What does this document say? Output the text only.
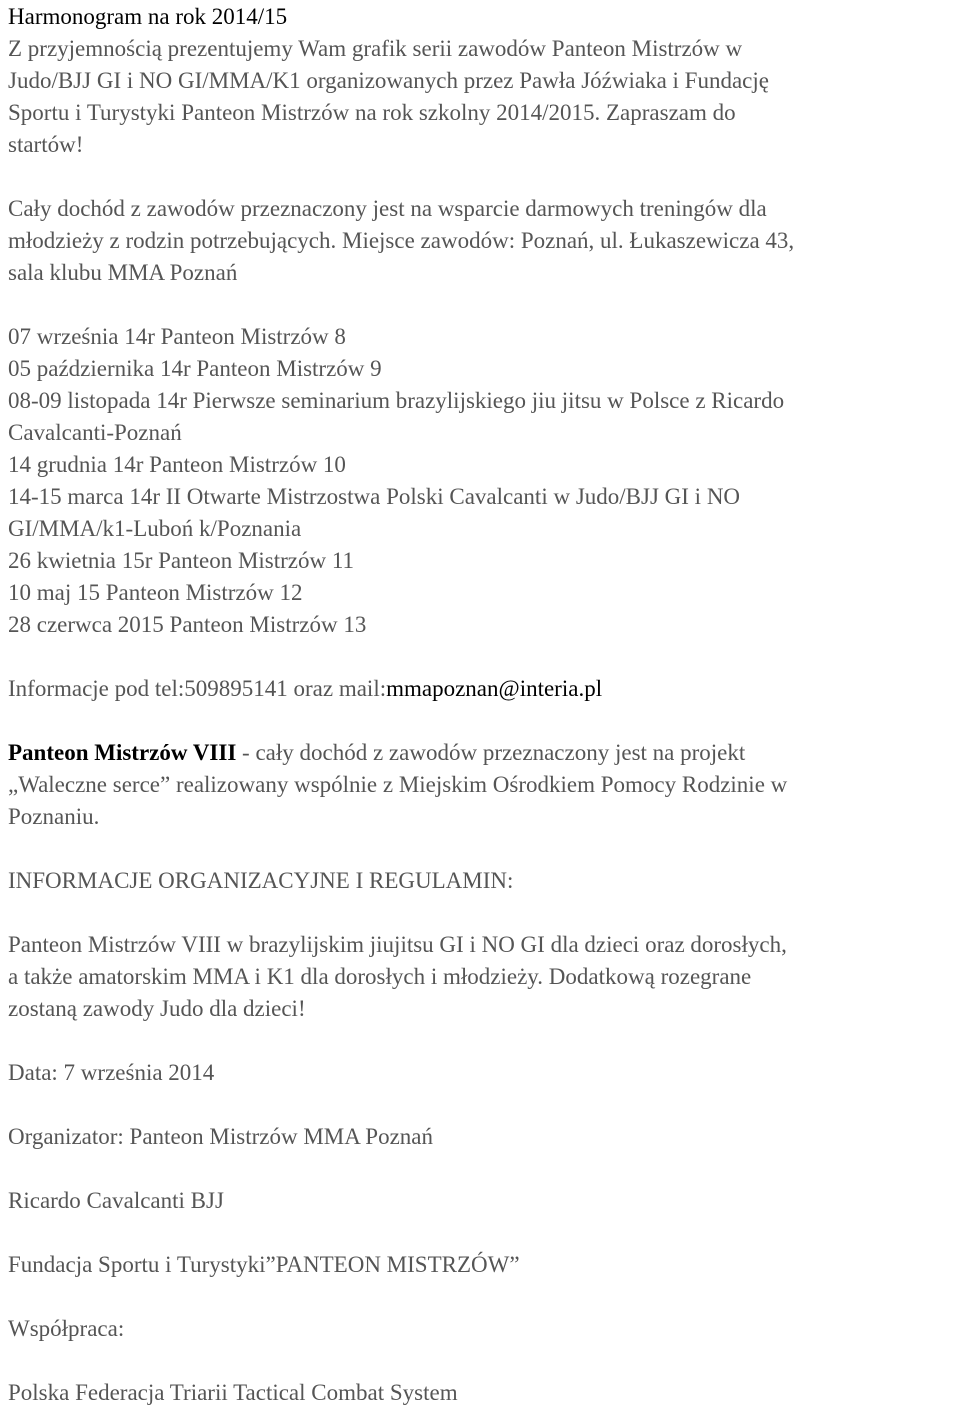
Harmonogram na rok 2014/15
Z przyjemnością prezentujemy Wam grafik serii zawodów Panteon Mistrzów w
Judo/BJJ GI i NO GI/MMA/K1 organizowanych przez Pawła Jóźwiaka i Fundację
Sportu i Turystyki Panteon Mistrzów na rok szkolny 2014/2015. Zapraszam do
startów!
Cały dochód z zawodów przeznaczony jest na wsparcie darmowych treningów dla
młodzieży z rodzin potrzebujących. Miejsce zawodów: Poznań, ul. Łukaszewicza 43,
sala klubu MMA Poznań
07 września 14r Panteon Mistrzów 8
05 października 14r Panteon Mistrzów 9
08-09 listopada 14r Pierwsze seminarium brazylijskiego jiu jitsu w Polsce z Ricardo
Cavalcanti-Poznań
14 grudnia 14r Panteon Mistrzów 10
14-15 marca 14r II Otwarte Mistrzostwa Polski Cavalcanti w Judo/BJJ GI i NO
GI/MMA/k1-Luboń k/Poznania
26 kwietnia 15r Panteon Mistrzów 11
10 maj 15 Panteon Mistrzów 12
28 czerwca 2015 Panteon Mistrzów 13
Informacje pod tel:509895141 oraz mail:mmapoznan@interia.pl
Panteon Mistrzów VIII - cały dochód z zawodów przeznaczony jest na projekt
„Waleczne serce” realizowany wspólnie z Miejskim Ośrodkiem Pomocy Rodzinie w
Poznaniu.
INFORMACJE ORGANIZACYJNE I REGULAMIN:
Panteon Mistrzów VIII w brazylijskim jiujitsu GI i NO GI dla dzieci oraz dorosłych,
a także amatorskim MMA i K1 dla dorosłych i młodzieży. Dodatkową rozegrane
zostaną zawody Judo dla dzieci!
Data: 7 września 2014
Organizator: Panteon Mistrzów MMA Poznań
Ricardo Cavalcanti BJJ
Fundacja Sportu i Turystyki”PANTEON MISTRZÓW”
Współpraca:
Polska Federacja Triarii Tactical Combat System
